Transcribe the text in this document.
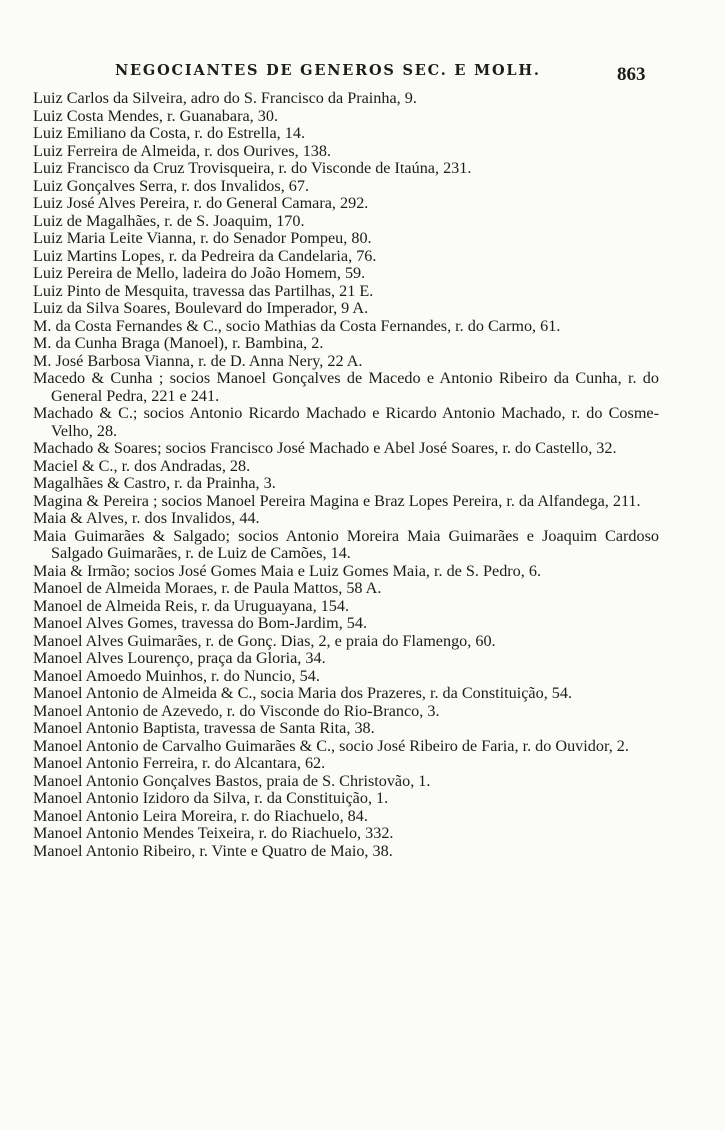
NEGOCIANTES DE GENEROS SEC. E MOLH.	863
Luiz Carlos da Silveira, adro do S. Francisco da Prainha, 9.
Luiz Costa Mendes, r. Guanabara, 30.
Luiz Emiliano da Costa, r. do Estrella, 14.
Luiz Ferreira de Almeida, r. dos Ourives, 138.
Luiz Francisco da Cruz Trovisqueira, r. do Visconde de Itaúna, 231.
Luiz Gonçalves Serra, r. dos Invalidos, 67.
Luiz José Alves Pereira, r. do General Camara, 292.
Luiz de Magalhães, r. de S. Joaquim, 170.
Luiz Maria Leite Vianna, r. do Senador Pompeu, 80.
Luiz Martins Lopes, r. da Pedreira da Candelaria, 76.
Luiz Pereira de Mello, ladeira do João Homem, 59.
Luiz Pinto de Mesquita, travessa das Partilhas, 21 E.
Luiz da Silva Soares, Boulevard do Imperador, 9 A.
M. da Costa Fernandes & C., socio Mathias da Costa Fernandes, r. do Carmo, 61.
M. da Cunha Braga (Manoel), r. Bambina, 2.
M. José Barbosa Vianna, r. de D. Anna Nery, 22 A.
Macedo & Cunha ; socios Manoel Gonçalves de Macedo e Antonio Ribeiro da Cunha, r. do General Pedra, 221 e 241.
Machado & C.; socios Antonio Ricardo Machado e Ricardo Antonio Machado, r. do Cosme-Velho, 28.
Machado & Soares; socios Francisco José Machado e Abel José Soares, r. do Castello, 32.
Maciel & C., r. dos Andradas, 28.
Magalhães & Castro, r. da Prainha, 3.
Magina & Pereira ; socios Manoel Pereira Magina e Braz Lopes Pereira, r. da Alfandega, 211.
Maia & Alves, r. dos Invalidos, 44.
Maia Guimarães & Salgado; socios Antonio Moreira Maia Guimarães e Joaquim Cardoso Salgado Guimarães, r. de Luiz de Camões, 14.
Maia & Irmão; socios José Gomes Maia e Luiz Gomes Maia, r. de S. Pedro, 6.
Manoel de Almeida Moraes, r. de Paula Mattos, 58 A.
Manoel de Almeida Reis, r. da Uruguayana, 154.
Manoel Alves Gomes, travessa do Bom-Jardim, 54.
Manoel Alves Guimarães, r. de Gonç. Dias, 2, e praia do Flamengo, 60.
Manoel Alves Lourenço, praça da Gloria, 34.
Manoel Amoedo Muinhos, r. do Nuncio, 54.
Manoel Antonio de Almeida & C., socia Maria dos Prazeres, r. da Constituição, 54.
Manoel Antonio de Azevedo, r. do Visconde do Rio-Branco, 3.
Manoel Antonio Baptista, travessa de Santa Rita, 38.
Manoel Antonio de Carvalho Guimarães & C., socio José Ribeiro de Faria, r. do Ouvidor, 2.
Manoel Antonio Ferreira, r. do Alcantara, 62.
Manoel Antonio Gonçalves Bastos, praia de S. Christovão, 1.
Manoel Antonio Izidoro da Silva, r. da Constituição, 1.
Manoel Antonio Leira Moreira, r. do Riachuelo, 84.
Manoel Antonio Mendes Teixeira, r. do Riachuelo, 332.
Manoel Antonio Ribeiro, r. Vinte e Quatro de Maio, 38.
